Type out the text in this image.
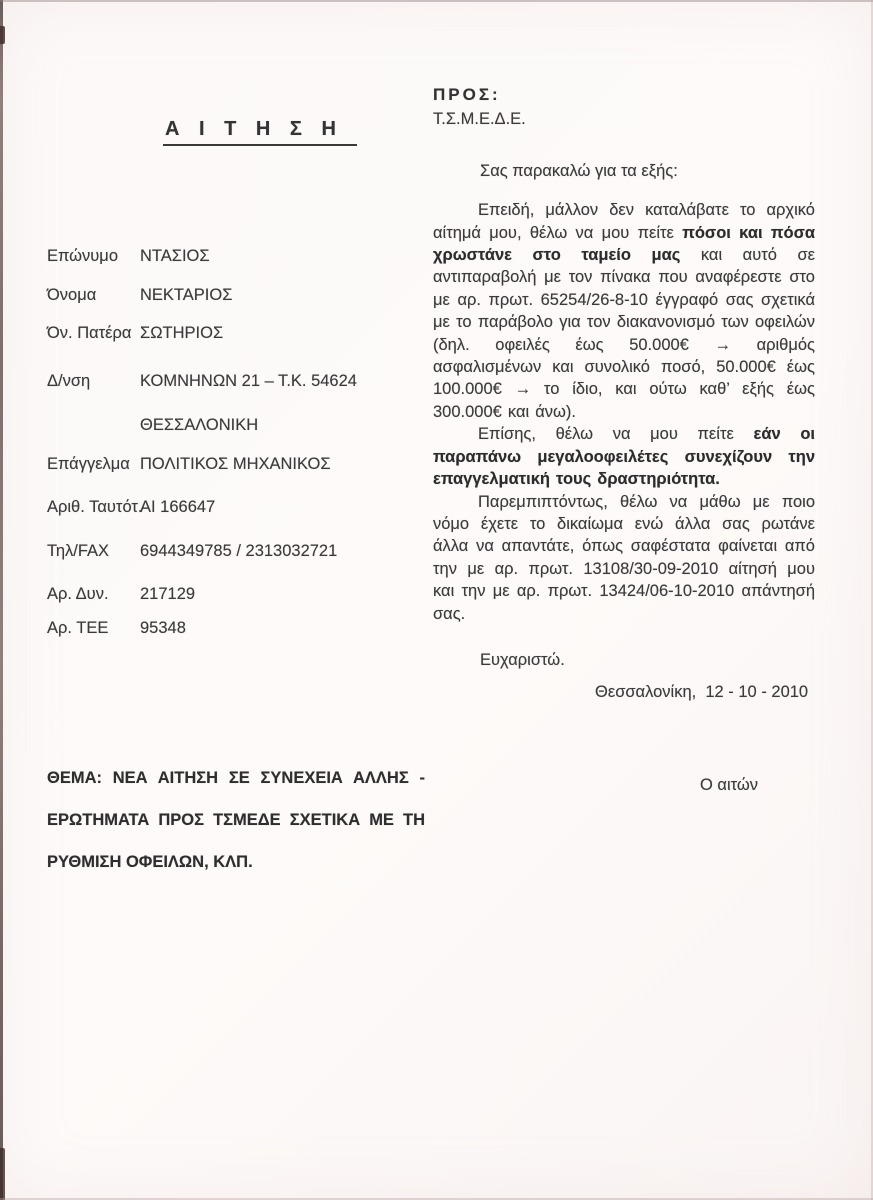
Α Ι Τ Η Σ Η
ΠΡΟΣ:
Τ.Σ.Μ.Ε.Δ.Ε.
Σας παρακαλώ για τα εξής:

Επειδή, μάλλον δεν καταλάβατε το αρχικό αίτημά μου, θέλω να μου πείτε πόσοι και πόσα χρωστάνε στο ταμείο μας και αυτό σε αντιπαραβολή με τον πίνακα που αναφέρεστε στο με αρ. πρωτ. 65254/26-8-10 έγγραφό σας σχετικά με το παράβολο για τον διακανονισμό των οφειλών (δηλ. οφειλές έως 50.000€ → αριθμός ασφαλισμένων και συνολικό ποσό, 50.000€ έως 100.000€ → το ίδιο, και ούτω καθ’ εξής έως 300.000€ και άνω).

Επίσης, θέλω να μου πείτε εάν οι παραπάνω μεγαλοοφειλέτες συνεχίζουν την επαγγελματική τους δραστηριότητα.

Παρεμπιπτόντως, θέλω να μάθω με ποιο νόμο έχετε το δικαίωμα ενώ άλλα σας ρωτάνε άλλα να απαντάτε, όπως σαφέστατα φαίνεται από την με αρ. πρωτ. 13108/30-09-2010 αίτησή μου και την με αρ. πρωτ. 13424/06-10-2010 απάντησή σας.

Ευχαριστώ.
Επώνυμο ΝΤΑΣΙΟΣ
Όνομα	ΝΕΚΤΑΡΙΟΣ
Όν. Πατέρα ΣΩΤΗΡΙΟΣ
Δ/νση	ΚΟΜΝΗΝΩΝ 21 – Τ.Κ. 54624
ΘΕΣΣΑΛΟΝΙΚΗ
Επάγγελμα ΠΟΛΙΤΙΚΟΣ ΜΗΧΑΝΙΚΟΣ
Αριθ. Ταυτότ.ΑΙ 166647
Τηλ/FAX 6944349785 / 2313032721
Αρ. Δυν. 217129
Αρ. ΤΕΕ 95348
ΘΕΜΑ: ΝΕΑ ΑΙΤΗΣΗ ΣΕ ΣΥΝΕΧΕΙΑ ΑΛΛΗΣ -
ΕΡΩΤΗΜΑΤΑ ΠΡΟΣ ΤΣΜΕΔΕ ΣΧΕΤΙΚΑ ΜΕ ΤΗ
ΡΥΘΜΙΣΗ ΟΦΕΙΛΩΝ, ΚΛΠ.
Θεσσαλονίκη,  12 - 10 - 2010
Ο αιτών
